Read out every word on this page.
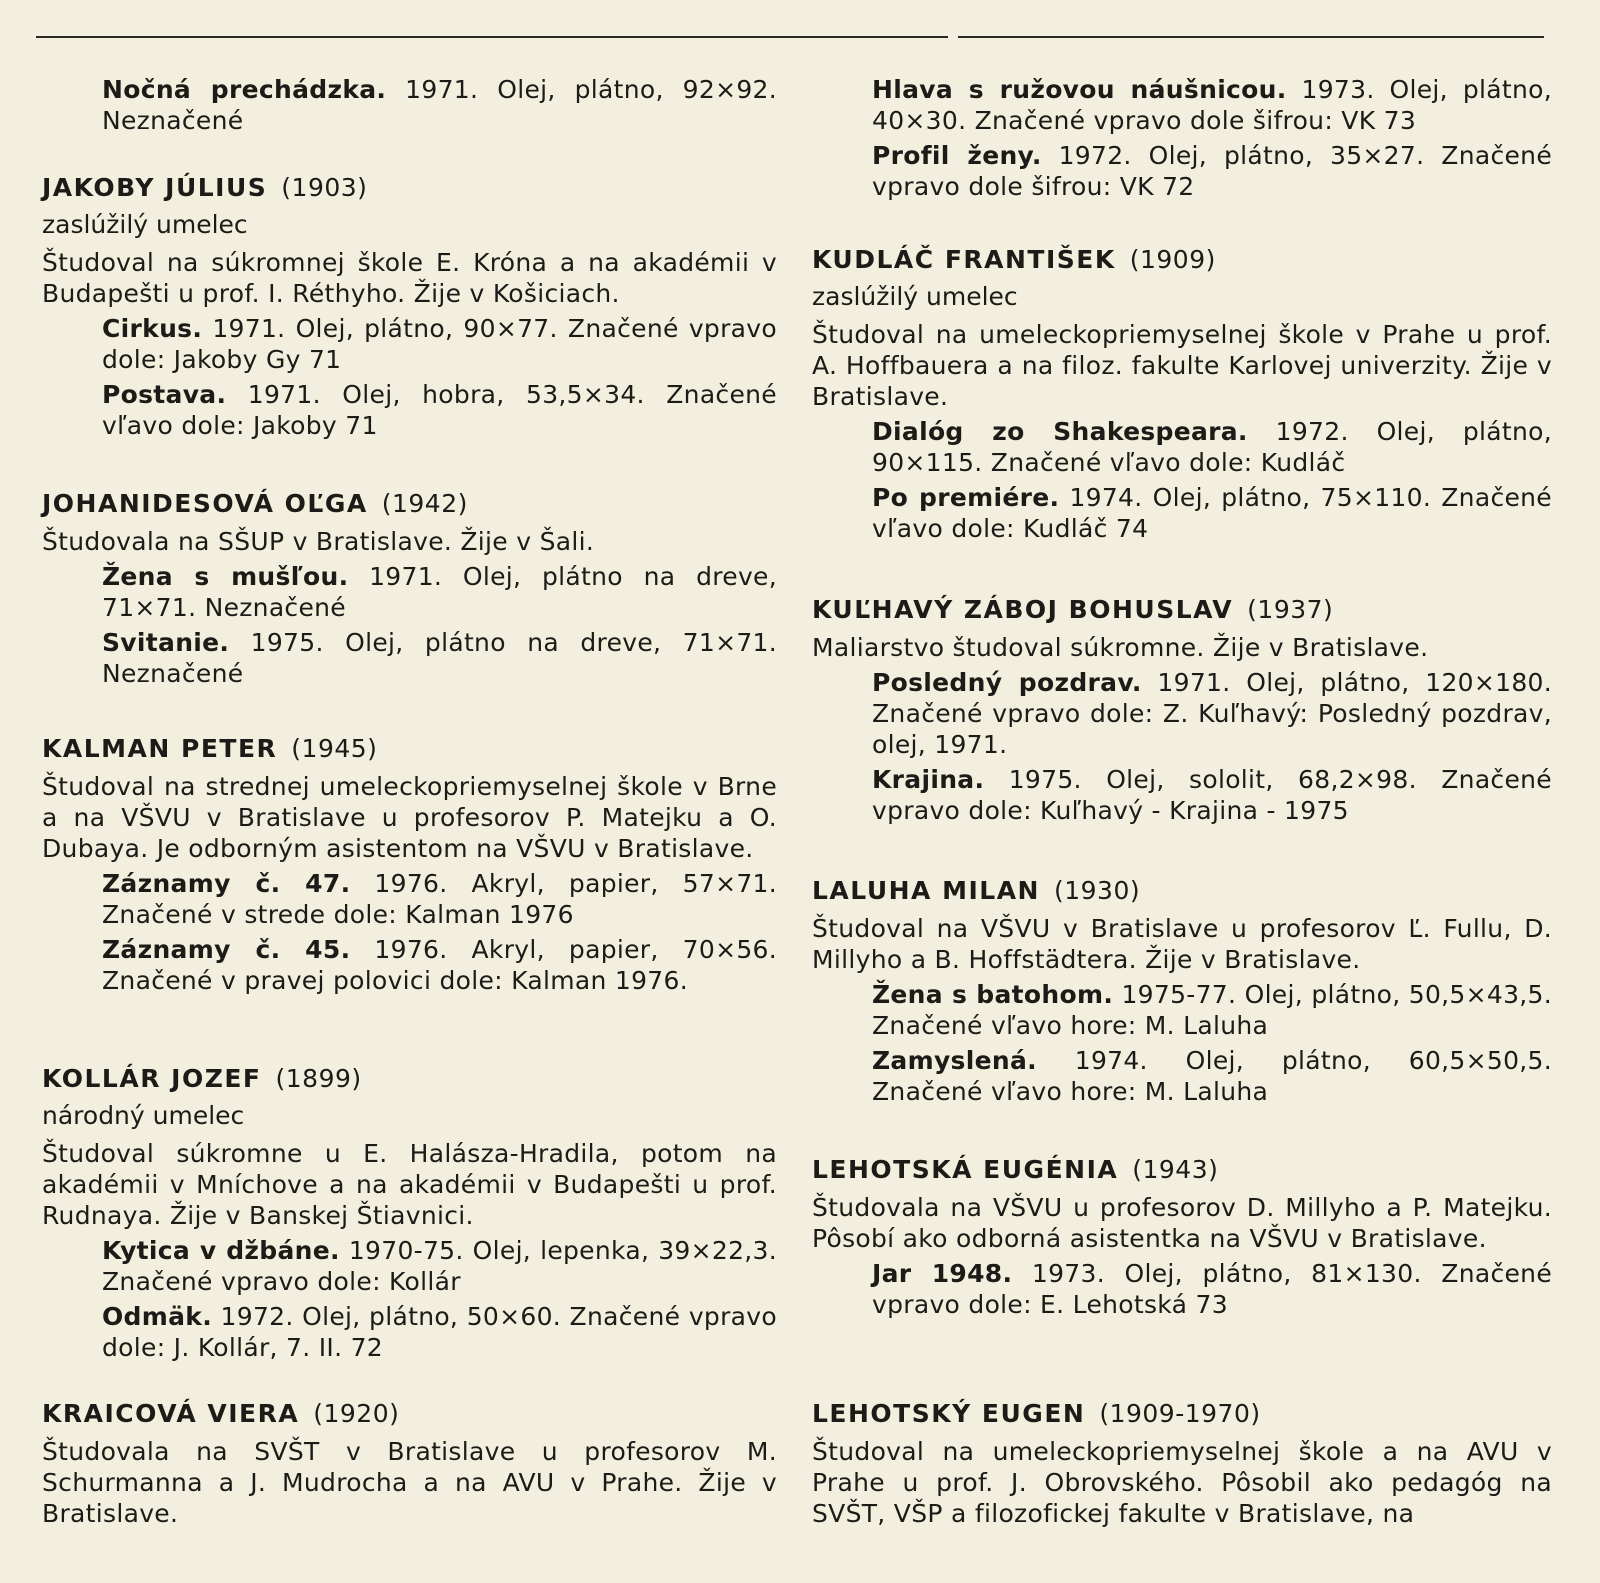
Nočná prechádzka. 1971. Olej, plátno, 92×92. Neznačené
JAKOBY JÚLIUS (1903)
zaslúžilý umelec
Študoval na súkromnej škole E. Króna a na akadémii v Budapešti u prof. I. Réthyho. Žije v Košiciach.
Cirkus. 1971. Olej, plátno, 90×77. Značené vpravo dole: Jakoby Gy 71
Postava. 1971. Olej, hobra, 53,5×34. Značené vľavo dole: Jakoby 71
JOHANIDESOVÁ OĽGA (1942)
Študovala na SŠUP v Bratislave. Žije v Šali.
Žena s mušľou. 1971. Olej, plátno na dreve, 71×71. Neznačené
Svitanie. 1975. Olej, plátno na dreve, 71×71. Neznačené
KALMAN PETER (1945)
Študoval na strednej umeleckopriemyselnej škole v Brne a na VŠVU v Bratislave u profesorov P. Matejku a O. Dubaya. Je odborným asistentom na VŠVU v Bratislave.
Záznamy č. 47. 1976. Akryl, papier, 57×71. Značené v strede dole: Kalman 1976
Záznamy č. 45. 1976. Akryl, papier, 70×56. Značené v pravej polovici dole: Kalman 1976.
KOLLÁR JOZEF (1899)
národný umelec
Študoval súkromne u E. Halásza-Hradila, potom na akadémii v Mníchove a na akadémii v Budapešti u prof. Rudnaya. Žije v Banskej Štiavnici.
Kytica v džbáne. 1970-75. Olej, lepenka, 39×22,3. Značené vpravo dole: Kollár
Odmäk. 1972. Olej, plátno, 50×60. Značené vpravo dole: J. Kollár, 7. II. 72
KRAICOVÁ VIERA (1920)
Študovala na SVŠT v Bratislave u profesorov M. Schurmanna a J. Mudrocha a na AVU v Prahe. Žije v Bratislave.
Hlava s ružovou náušnicou. 1973. Olej, plátno, 40×30. Značené vpravo dole šifrou: VK 73
Profil ženy. 1972. Olej, plátno, 35×27. Značené vpravo dole šifrou: VK 72
KUDLÁČ FRANTIŠEK (1909)
zaslúžilý umelec
Študoval na umeleckopriemyselnej škole v Prahe u prof. A. Hoffbauera a na filoz. fakulte Karlovej univerzity. Žije v Bratislave.
Dialóg zo Shakespeara. 1972. Olej, plátno, 90×115. Značené vľavo dole: Kudláč
Po premiére. 1974. Olej, plátno, 75×110. Značené vľavo dole: Kudláč 74
KUĽHAVÝ ZÁBOJ BOHUSLAV (1937)
Maliarstvo študoval súkromne. Žije v Bratislave.
Posledný pozdrav. 1971. Olej, plátno, 120×180. Značené vpravo dole: Z. Kuľhavý: Posledný pozdrav, olej, 1971.
Krajina. 1975. Olej, sololit, 68,2×98. Značené vpravo dole: Kuľhavý - Krajina - 1975
LALUHA MILAN (1930)
Študoval na VŠVU v Bratislave u profesorov Ľ. Fullu, D. Millyho a B. Hoffstädtera. Žije v Bratislave.
Žena s batohom. 1975-77. Olej, plátno, 50,5×43,5. Značené vľavo hore: M. Laluha
Zamyslená. 1974. Olej, plátno, 60,5×50,5. Značené vľavo hore: M. Laluha
LEHOTSKÁ EUGÉNIA (1943)
Študovala na VŠVU u profesorov D. Millyho a P. Matejku. Pôsobí ako odborná asistentka na VŠVU v Bratislave.
Jar 1948. 1973. Olej, plátno, 81×130. Značené vpravo dole: E. Lehotská 73
LEHOTSKÝ EUGEN (1909-1970)
Študoval na umeleckopriemyselnej škole a na AVU v Prahe u prof. J. Obrovského. Pôsobil ako pedagóg na SVŠT, VŠP a filozofickej fakulte v Bratislave, na
